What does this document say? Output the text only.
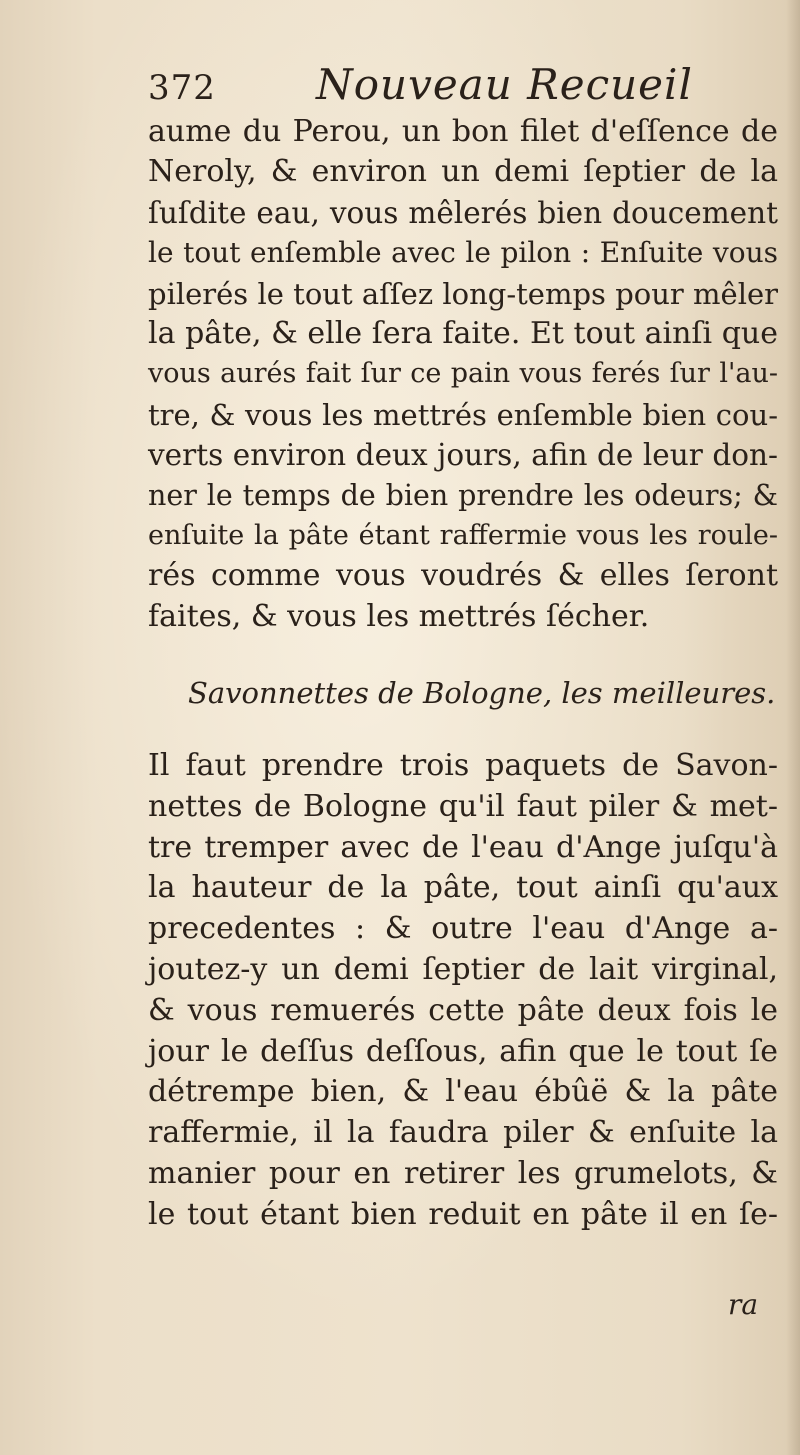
372 Nouveau Recueil
aume du Perou, un bon filet d'eſſence de
Neroly, & environ un demi ſeptier de la
ſuſdite eau, vous mêlerés bien doucement
le tout enſemble avec le pilon : Enſuite vous
pilerés le tout aſſez long-temps pour mêler
la pâte, & elle ſera faite. Et tout ainſi que
vous aurés fait ſur ce pain vous ferés ſur l'au-
tre, & vous les mettrés enſemble bien cou-
verts environ deux jours, afin de leur don-
ner le temps de bien prendre les odeurs; &
enſuite la pâte étant raffermie vous les roule-
rés comme vous voudrés & elles ſeront
faites, & vous les mettrés ſécher.
Savonnettes de Bologne, les meilleures.
Il faut prendre trois paquets de Savon-
nettes de Bologne qu'il faut piler & met-
tre tremper avec de l'eau d'Ange juſqu'à
la hauteur de la pâte, tout ainſi qu'aux
precedentes : & outre l'eau d'Ange a-
joutez-y un demi ſeptier de lait virginal,
& vous remuerés cette pâte deux fois le
jour le deſſus deſſous, afin que le tout ſe
détrempe bien, & l'eau ébûë & la pâte
raffermie, il la faudra piler & enſuite la
manier pour en retirer les grumelots, &
le tout étant bien reduit en pâte il en ſe-
ra
